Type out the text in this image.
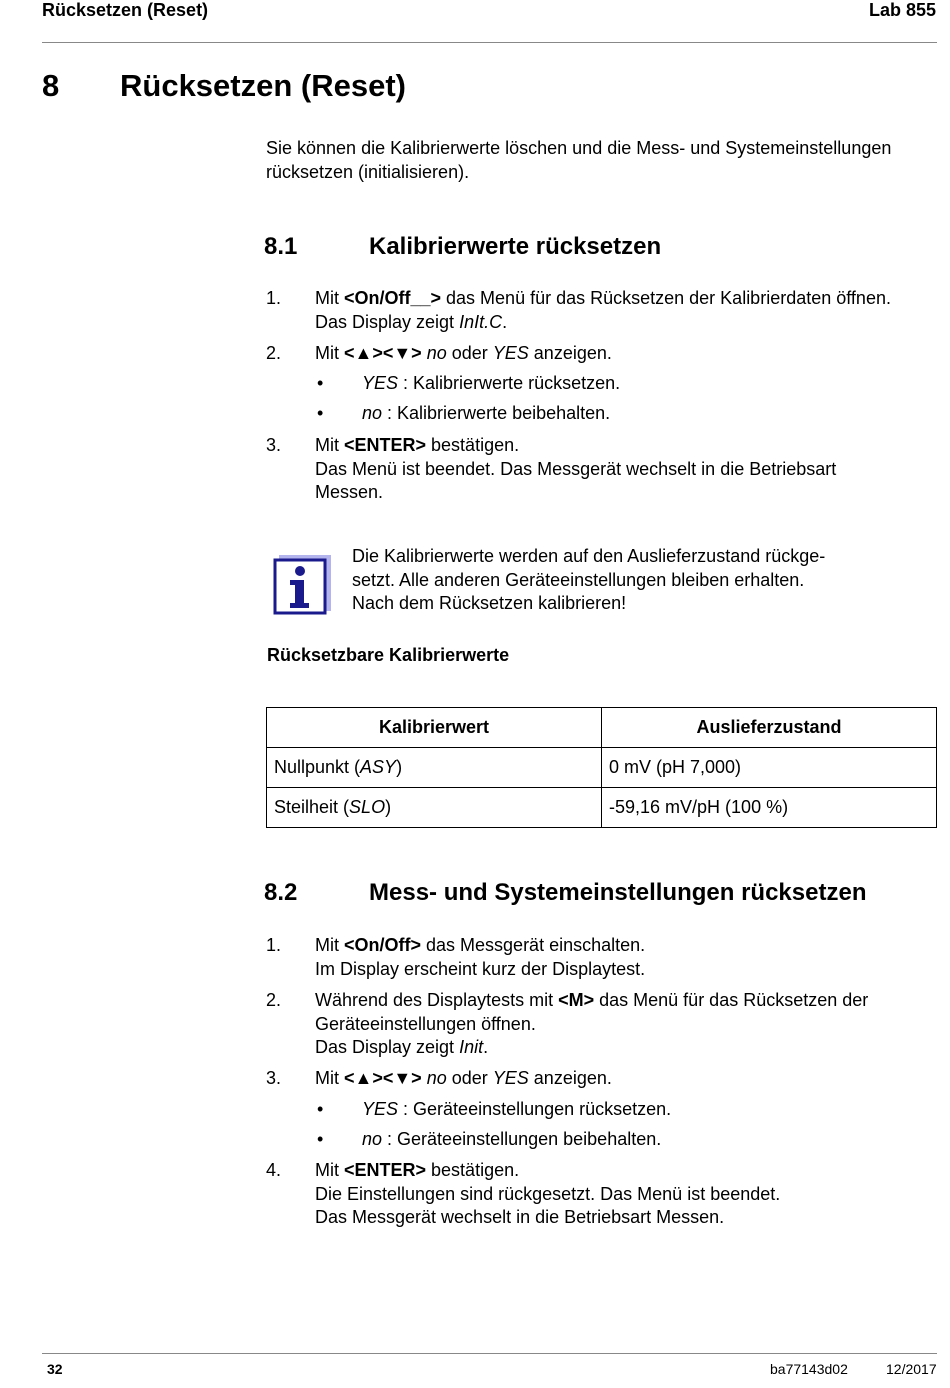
Rücksetzen (Reset)	Lab 855
8 Rücksetzen (Reset)
Sie können die Kalibrierwerte löschen und die Mess- und Systemeinstellungen rücksetzen (initialisieren).
8.1	Kalibrierwerte rücksetzen
1. Mit <On/Off__> das Menü für das Rücksetzen der Kalibrierdaten öffnen.
Das Display zeigt InIt.C.
2. Mit <▲><▼> no oder YES anzeigen.
• YES : Kalibrierwerte rücksetzen.
• no : Kalibrierwerte beibehalten.
3. Mit <ENTER> bestätigen.
Das Menü ist beendet. Das Messgerät wechselt in die Betriebsart
Messen.
Die Kalibrierwerte werden auf den Auslieferzustand rückge-
setzt. Alle anderen Geräteeinstellungen bleiben erhalten.
Nach dem Rücksetzen kalibrieren!
Rücksetzbare Kalibrierwerte
Kalibrierwert	Auslieferzustand
Nullpunkt (ASY)	0 mV (pH 7,000)
Steilheit (SLO)	-59,16 mV/pH (100 %)
8.2	Mess- und Systemeinstellungen rücksetzen
1. Mit <On/Off> das Messgerät einschalten.
Im Display erscheint kurz der Displaytest.
2. Während des Displaytests mit <M> das Menü für das Rücksetzen der
Geräteeinstellungen öffnen.
Das Display zeigt Init.
3. Mit <▲><▼> no oder YES anzeigen.
• YES : Geräteeinstellungen rücksetzen.
• no : Geräteeinstellungen beibehalten.
4. Mit <ENTER> bestätigen.
Die Einstellungen sind rückgesetzt. Das Menü ist beendet.
Das Messgerät wechselt in die Betriebsart Messen.
32	ba77143d02	12/2017
